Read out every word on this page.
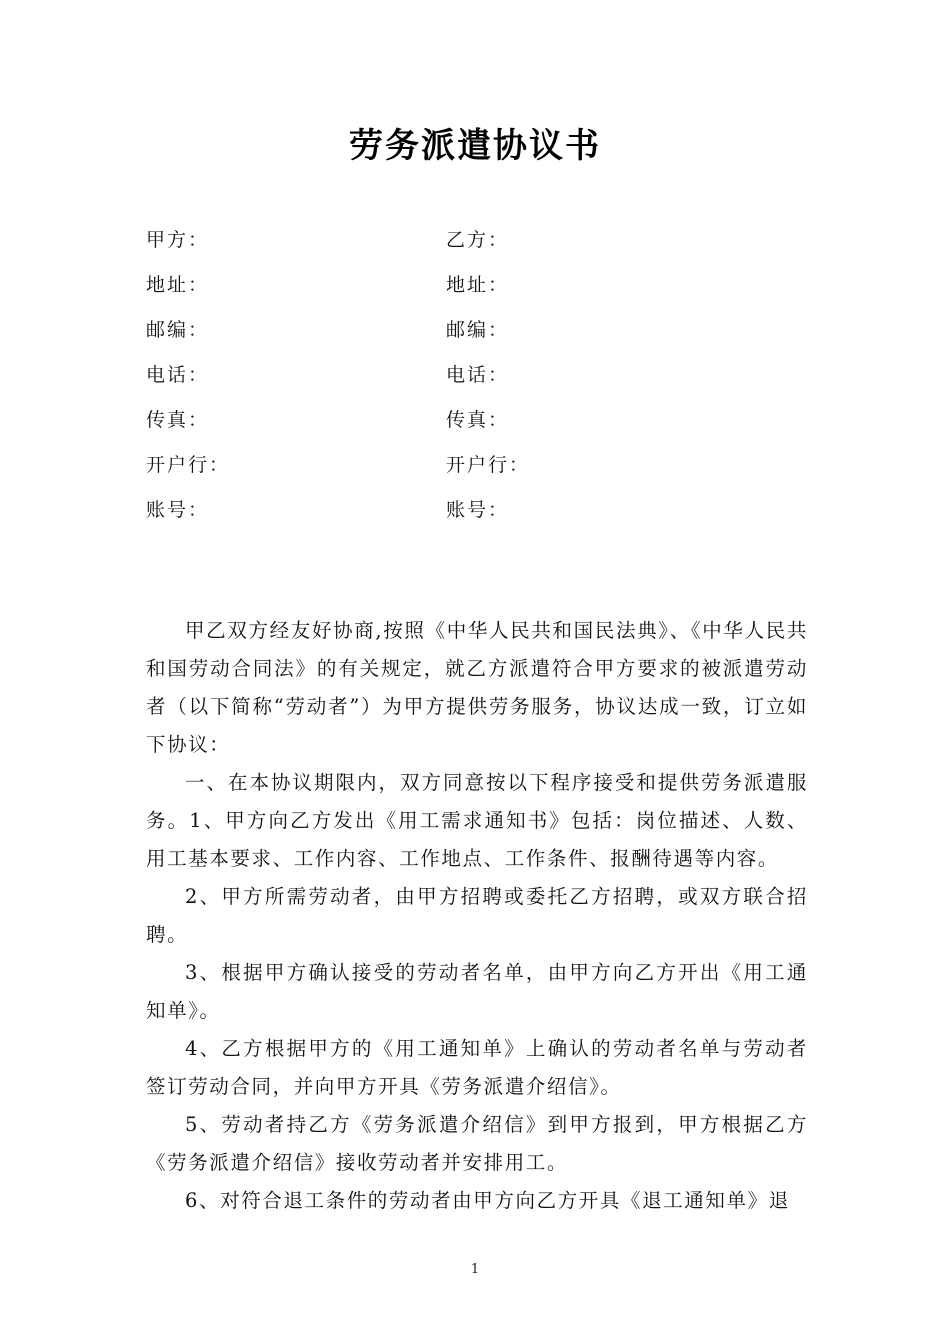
劳务派遣协议书
甲方：	乙方：
地址：	地址：
邮编：	邮编：
电话：	电话：
传真：	传真：
开户行：	开户行：
账号：	账号：

甲乙双方经友好协商,按照《中华人民共和国民法典》、《中华人民共和国劳动合同法》的有关规定，就乙方派遣符合甲方要求的被派遣劳动者（以下简称“劳动者”）为甲方提供劳务服务，协议达成一致，订立如下协议：

一、在本协议期限内，双方同意按以下程序接受和提供劳务派遣服务。1、甲方向乙方发出《用工需求通知书》包括：岗位描述、人数、用工基本要求、工作内容、工作地点、工作条件、报酬待遇等内容。

2、甲方所需劳动者，由甲方招聘或委托乙方招聘，或双方联合招聘。

3、根据甲方确认接受的劳动者名单，由甲方向乙方开出《用工通知单》。

4、乙方根据甲方的《用工通知单》上确认的劳动者名单与劳动者签订劳动合同，并向甲方开具《劳务派遣介绍信》。

5、劳动者持乙方《劳务派遣介绍信》到甲方报到，甲方根据乙方《劳务派遣介绍信》接收劳动者并安排用工。

6、对符合退工条件的劳动者由甲方向乙方开具《退工通知单》退

1
